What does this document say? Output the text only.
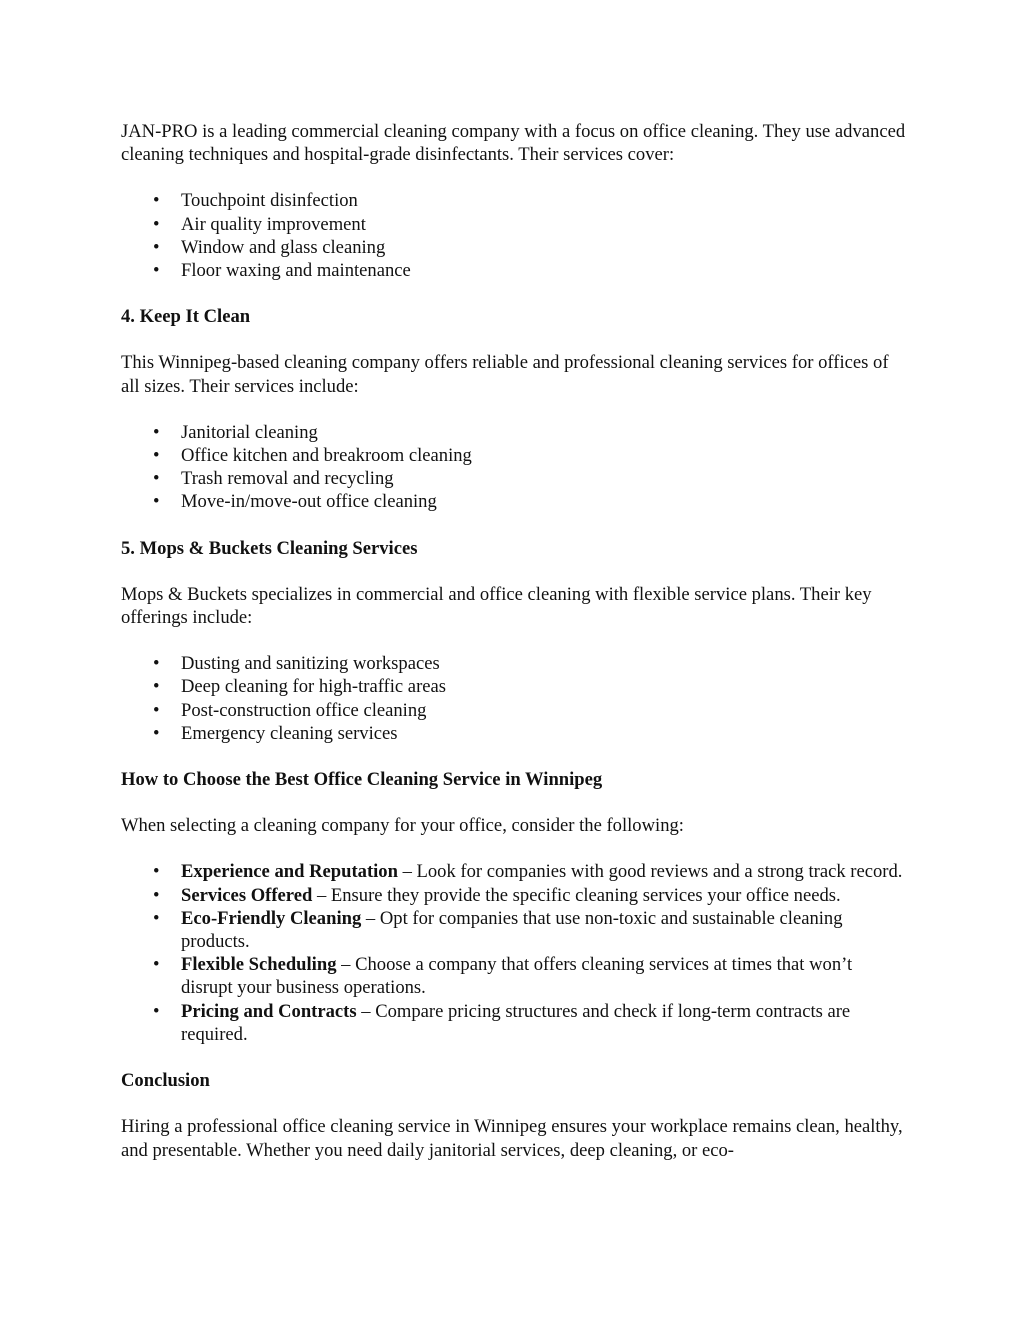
JAN-PRO is a leading commercial cleaning company with a focus on office cleaning. They use advanced cleaning techniques and hospital-grade disinfectants. Their services cover:

• Touchpoint disinfection
• Air quality improvement
• Window and glass cleaning
• Floor waxing and maintenance
4. Keep It Clean

This Winnipeg-based cleaning company offers reliable and professional cleaning services for offices of all sizes. Their services include:

• Janitorial cleaning
• Office kitchen and breakroom cleaning
• Trash removal and recycling
• Move-in/move-out office cleaning
5. Mops & Buckets Cleaning Services

Mops & Buckets specializes in commercial and office cleaning with flexible service plans. Their key offerings include:

• Dusting and sanitizing workspaces
• Deep cleaning for high-traffic areas
• Post-construction office cleaning
• Emergency cleaning services
How to Choose the Best Office Cleaning Service in Winnipeg

When selecting a cleaning company for your office, consider the following:

• Experience and Reputation – Look for companies with good reviews and a strong track record.
• Services Offered – Ensure they provide the specific cleaning services your office needs.
• Eco-Friendly Cleaning – Opt for companies that use non-toxic and sustainable cleaning products.
• Flexible Scheduling – Choose a company that offers cleaning services at times that won’t disrupt your business operations.
• Pricing and Contracts – Compare pricing structures and check if long-term contracts are required.
Conclusion

Hiring a professional office cleaning service in Winnipeg ensures your workplace remains clean, healthy, and presentable. Whether you need daily janitorial services, deep cleaning, or eco-
